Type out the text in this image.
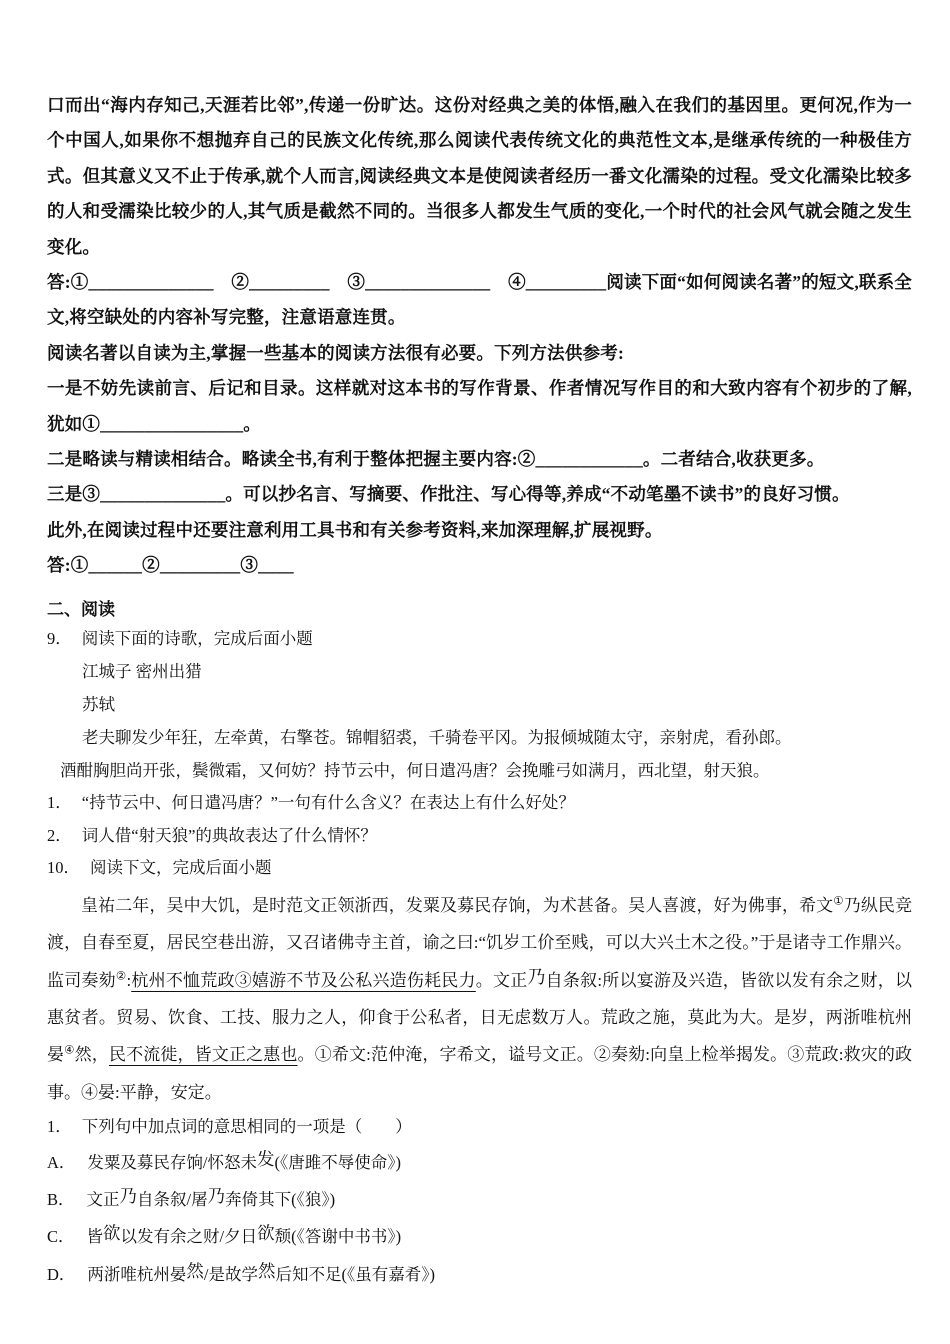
口而出“海内存知己,天涯若比邻”,传递一份旷达。这份对经典之美的体悟,融入在我们的基因里。更何况,作为一个中国人,如果你不想抛弃自己的民族文化传统,那么阅读代表传统文化的典范性文本,是继承传统的一种极佳方式。但其意义又不止于传承,就个人而言,阅读经典文本是使阅读者经历一番文化濡染的过程。受文化濡染比较多的人和受濡染比较少的人,其气质是截然不同的。当很多人都发生气质的变化,一个时代的社会风气就会随之发生变化。

答:①______________　②_________　③______________　④_________阅读下面“如何阅读名著”的短文,联系全文,将空缺处的内容补写完整，注意语意连贯。

阅读名著以自读为主,掌握一些基本的阅读方法很有必要。下列方法供参考:

一是不妨先读前言、后记和目录。这样就对这本书的写作背景、作者情况写作目的和大致内容有个初步的了解,犹如①________________。

二是略读与精读相结合。略读全书,有利于整体把握主要内容:②____________。二者结合,收获更多。

三是③______________。可以抄名言、写摘要、作批注、写心得等,养成“不动笔墨不读书”的良好习惯。

此外,在阅读过程中还要注意利用工具书和有关参考资料,来加深理解,扩展视野。

答:①______②_________③____

二、阅读

9． 阅读下面的诗歌，完成后面小题

江城子 密州出猎

苏轼

老夫聊发少年狂，左牵黄，右擎苍。锦帽貂裘，千骑卷平冈。为报倾城随太守，亲射虎，看孙郎。

酒酣胸胆尚开张，鬓微霜，又何妨？持节云中，何日遣冯唐？会挽雕弓如满月，西北望，射天狼。

1． “持节云中、何日遣冯唐？”一句有什么含义？在表达上有什么好处？

2． 词人借“射天狼”的典故表达了什么情怀？

10． 阅读下文，完成后面小题

皇祐二年，吴中大饥，是时范文正领浙西，发粟及募民存饷，为术甚备。吴人喜渡，好为佛事，希文①乃纵民竞渡，自春至夏，居民空巷出游，又召诸佛寺主首，谕之曰:“饥岁工价至贱，可以大兴土木之役。”于是诸寺工作鼎兴。监司奏劾②:杭州不恤荒政③嬉游不节及公私兴造伤耗民力。文正乃自条叙:所以宴游及兴造，皆欲以发有余之财，以惠贫者。贸易、饮食、工技、服力之人，仰食于公私者，日无虑数万人。荒政之施，莫此为大。是岁，两浙唯杭州晏④然，民不流徙，皆文正之惠也。①希文:范仲淹，字希文，谥号文正。②奏劾:向皇上检举揭发。③荒政:救灾的政事。④晏:平静，安定。

1． 下列句中加点词的意思相同的一项是（　　）

A． 发粟及募民存饷/怀怒未发(《唐雎不辱使命》)

B． 文正乃自条叙/屠乃奔倚其下(《狼》)

C． 皆欲以发有余之财/夕日欲颓(《答谢中书书》)

D． 两浙唯杭州晏然/是故学然后知不足(《虽有嘉肴》)
